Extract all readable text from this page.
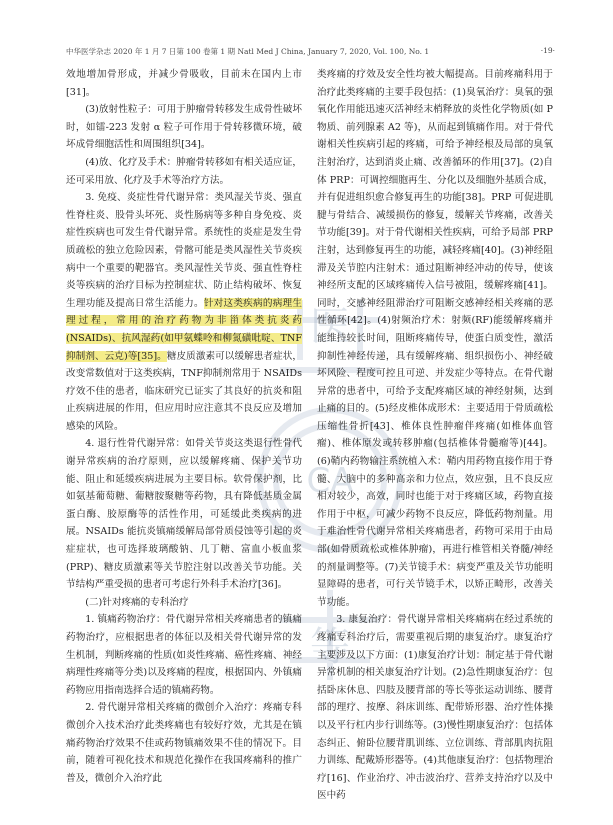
中华医学杂志 2020 年 1 月 7 日第 100 卷第 1 期 Natl Med J China, January 7, 2020, Vol. 100, No. 1	·19·
医
CA
等

效地增加骨形成，并减少骨吸收，目前未在国内上市[31]。

(3)放射性粒子：可用于肿瘤骨转移发生成骨性破坏时，如镭-223 发射 α 粒子可作用于骨转移微环境，破坏成骨细胞活性和周围组织[34]。

(4)放、化疗及手术：肿瘤骨转移如有相关适应证，还可采用放、化疗及手术等治疗方法。

3. 免疫、炎症性骨代谢异常：类风湿关节炎、强直性脊柱炎、股骨头坏死、炎性肠病等多种自身免疫、炎症性疾病也可发生骨代谢异常。系统性的炎症是发生骨质疏松的独立危险因素，骨髂可能是类风湿性关节炎疾病中一个重要的靶器官。类风湿性关节炎、强直性脊柱炎等疾病的治疗目标为控制症状、防止结构破坏、恢复生理功能及提高日常生活能力。针对这类疾病的病理生理过程，常用的治疗药物为非甾体类抗炎药(NSAIDs)、抗风湿药(如甲氨蝶呤和柳氮磺吡啶、TNF抑制剂、云克)等[35]。糖皮质激素可以缓解患者症状，改变常数值对于这类疾病，TNF抑制剂常用于 NSAIDs 疗效不佳的患者，临床研究已证实了其良好的抗炎和阻止疾病进展的作用，但应用时应注意其不良反应及增加感染的风险。

4. 退行性骨代谢异常：如骨关节炎这类退行性骨代谢异常疾病的治疗原则，应以缓解疼痛、保护关节功能、阻止和延缓疾病进展为主要目标。软骨保护剂，比如氨基葡萄糖、葡糖胺聚糖等药物，具有降低基质金属蛋白酶、胶原酶等的活性作用，可延缓此类疾病的进展。NSAIDs 能抗炎镇痛缓解局部骨质侵蚀等引起的炎症症状，也可选择玻璃酸钠、几丁糖、富血小板血浆(PRP)、糖皮质激素等关节腔注射以改善关节功能。关节结构严重受损的患者可考虑行外科手术治疗[36]。

(二)针对疼痛的专科治疗

1. 镇痛药物治疗：骨代谢异常相关疼痛患者的镇痛药物治疗，应根据患者的体征以及相关骨代谢异常的发生机制，判断疼痛的性质(如炎性疼痛、癌性疼痛、神经病理性疼痛等分类)以及疼痛的程度，根据国内、外镇痛药物应用指南选择合适的镇痛药物。

2. 骨代谢异常相关疼痛的微创介入治疗：疼痛专科微创介入技术治疗此类疼痛也有较好疗效，尤其是在镇痛药物治疗效果不佳或药物镇痛效果不佳的情况下。目前，随着可视化技术和规范化操作在我国疼痛科的推广普及，微创介入治疗此

类疼痛的疗效及安全性均被大幅提高。目前疼痛科用于治疗此类疼痛的主要手段包括：(1)臭氧治疗：臭氧的强氧化作用能迅速灭活神经末梢释放的炎性化学物质(如 P 物质、前列腺素 A2 等)，从而起到镇痛作用。对于骨代谢相关性疾病引起的疼痛，可给予神经根及局部的臭氧注射治疗，达到消炎止痛、改善循环的作用[37]。(2)自体 PRP：可调控细胞再生、分化以及细胞外基质合成，并有促进组织愈合修复再生的功能[38]。PRP 可促进肌腱与骨结合、减缓损伤的修复，缓解关节疼痛，改善关节功能[39]。对于骨代谢相关性疾病，可给予局部 PRP 注射，达到修复再生的功能，减轻疼痛[40]。(3)神经阻滞及关节腔内注射术：通过阻断神经冲动的传导，使该神经所支配的区域疼痛传入信号被阻，缓解疼痛[41]。同时，交感神经阻滞治疗可阻断交感神经相关疼痛的恶性循环[42]。(4)射频治疗术：射频(RF)能缓解疼痛并能维持较长时间，阻断疼痛传导，使蛋白质变性，激活抑制性神经传递，具有缓解疼痛、组织损伤小、神经破坏风险、程度可控且可逆、并发症少等特点。在骨代谢异常的患者中，可给予支配疼痛区域的神经射频，达到止痛的目的。(5)经皮椎体成形术：主要适用于骨质疏松压缩性骨折[43]、椎体良性肿瘤伴疼痛(如椎体血管瘤)、椎体原发或转移肿瘤(包括椎体骨髓瘤等)[44]。(6)鞘内药物输注系统植入术：鞘内用药物直接作用于脊髓、大脑中的多种高亲和力位点，效应强，且不良反应相对较少，高效，同时也能于对于疼痛区域，药物直接作用于中枢，可减少药物不良反应，降低药物剂量。用于难治性骨代谢异常相关疼痛患者，药物可采用于由局部(如骨质疏松或椎体肿瘤)，再进行椎管相关脊髓/神经的剂量调整等。(7)关节镜手术：病变严重及关节功能明显障碍的患者，可行关节镜手术，以矫正畸形，改善关节功能。

3. 康复治疗：骨代谢异常相关疼痛病在经过系统的疼痛专科治疗后，需要重视后期的康复治疗。康复治疗主要涉及以下方面：(1)康复治疗计划：制定基于骨代谢异常机制的相关康复治疗计划。(2)急性期康复治疗：包括卧床休息、四肢及腰背部的等长等张运动训练、腰背部的理疗、按摩、斜床训练、配带矫形器、治疗性体操以及平行杠内步行训练等。(3)慢性期康复治疗：包括体态纠正、俯卧位腰背肌训练、立位训练、背部肌肉抗阻力训练、配戴矫形器等。(4)其他康复治疗：包括物理治疗[16]、作业治疗、冲击波治疗、营养支持治疗以及中医中药
